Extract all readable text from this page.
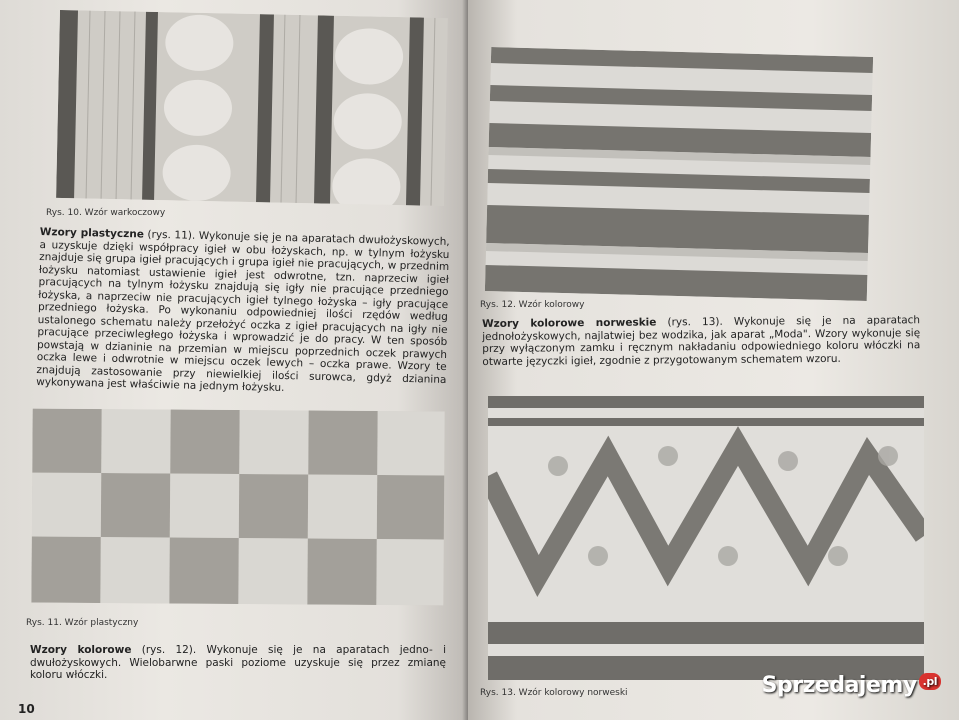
Rys. 10. Wzór warkoczowy
Wzory plastyczne (rys. 11). Wykonuje się je na aparatach dwułożyskowych, a uzyskuje dzięki współpracy igieł w obu łożyskach, np. w tylnym łożysku znajduje się grupa igieł pracujących i grupa igieł nie pracujących, w przednim łożysku natomiast ustawienie igieł jest odwrotne, tzn. naprzeciw igieł pracujących na tylnym łożysku znajdują się igły nie pracujące przedniego łożyska, a naprzeciw nie pracujących igieł tylnego łożyska – igły pracujące przedniego łożyska. Po wykonaniu odpowiedniej ilości rzędów według ustalonego schematu należy przełożyć oczka z igieł pracujących na igły nie pracujące przeciwległego łożyska i wprowadzić je do pracy. W ten sposób powstają w dzianinie na przemian w miejscu poprzednich oczek prawych oczka lewe i odwrotnie w miejscu oczek lewych – oczka prawe. Wzory te znajdują zastosowanie przy niewielkiej ilości surowca, gdyż dzianina wykonywana jest właściwie na jednym łożysku.
Rys. 11. Wzór plastyczny
Wzory kolorowe (rys. 12). Wykonuje się je na aparatach jedno- i dwułożyskowych. Wielobarwne paski poziome uzyskuje się przez zmianę koloru włóczki.
10
Rys. 12. Wzór kolorowy
Wzory kolorowe norweskie (rys. 13). Wykonuje się je na aparatach jednołożyskowych, najlatwiej bez wodzika, jak aparat „Moda". Wzory wykonuje się przy wyłączonym zamku i ręcznym nakładaniu odpowiedniego koloru włóczki na otwarte języczki igieł, zgodnie z przygotowanym schematem wzoru.
Rys. 13. Wzór kolorowy norweski	Sprzedajemy .pl
